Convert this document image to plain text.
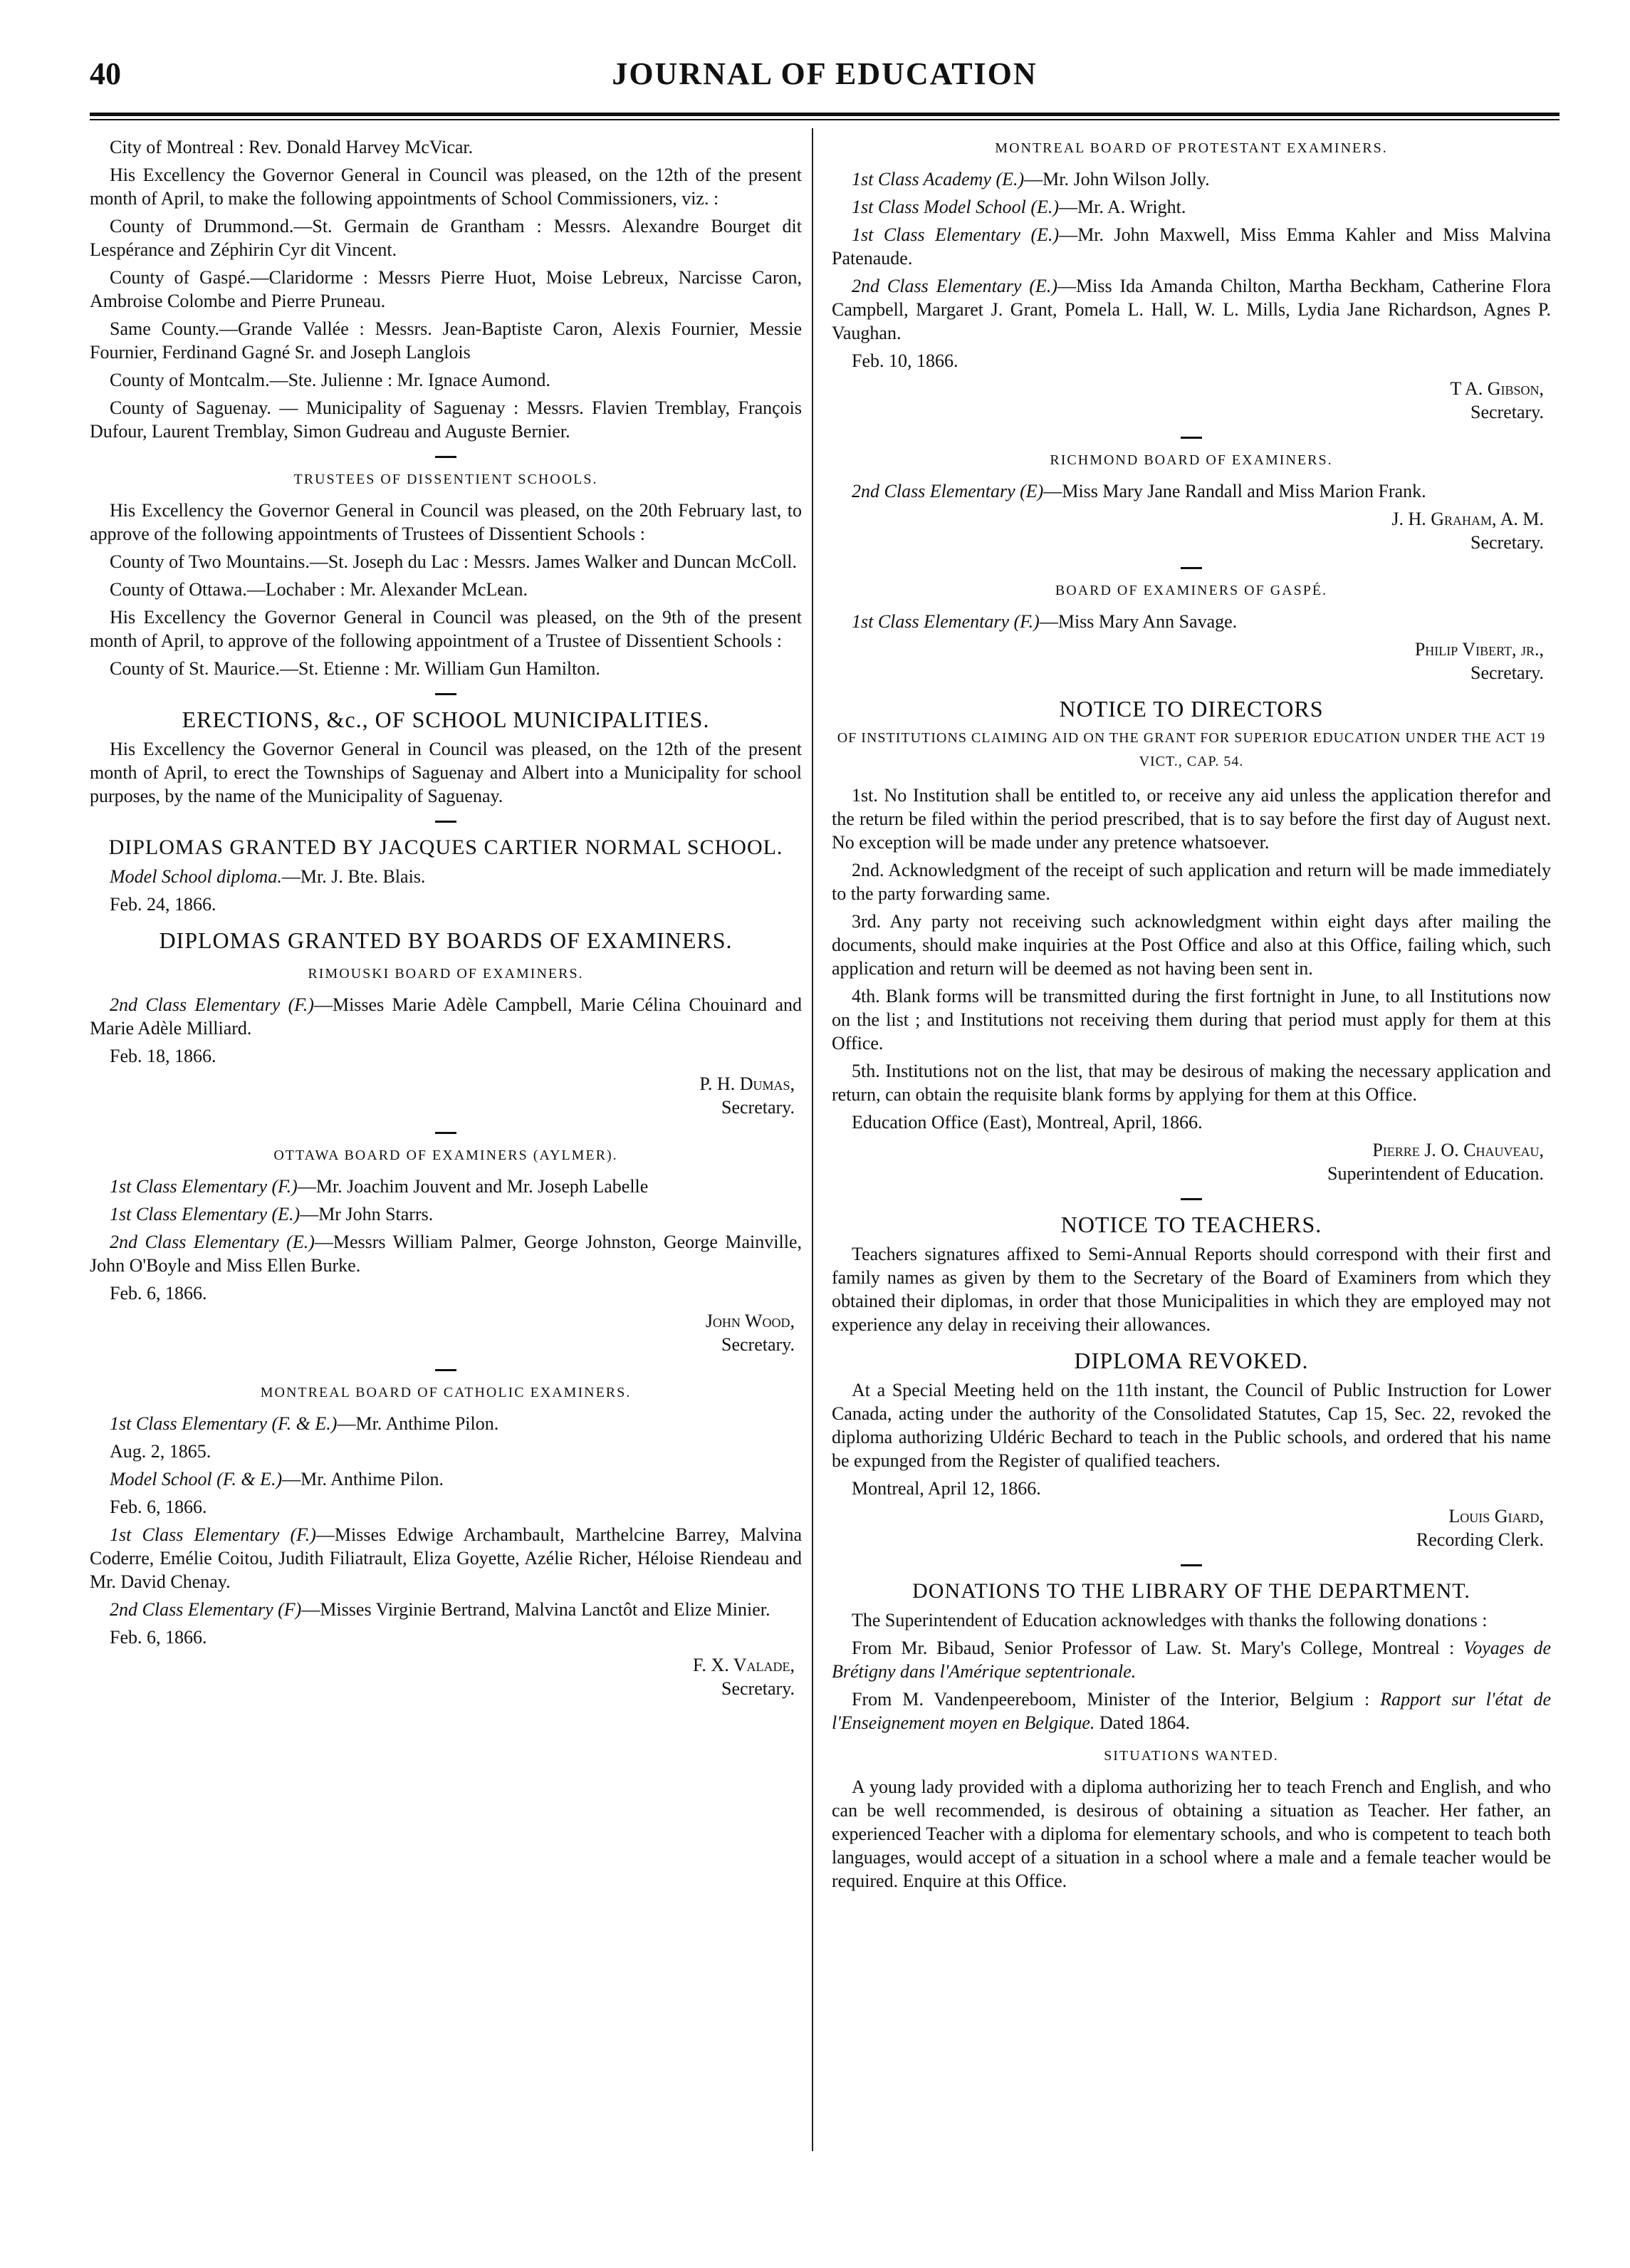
40	JOURNAL OF EDUCATION

City of Montreal : Rev. Donald Harvey McVicar.

His Excellency the Governor General in Council was pleased, on the 12th of the present month of April, to make the following appointments of School Commissioners, viz. :

County of Drummond.—St. Germain de Grantham : Messrs. Alexandre Bourget dit Lespérance and Zéphirin Cyr dit Vincent.

County of Gaspé.—Claridorme : Messrs Pierre Huot, Moise Lebreux, Narcisse Caron, Ambroise Colombe and Pierre Pruneau.

Same County.—Grande Vallée : Messrs. Jean-Baptiste Caron, Alexis Fournier, Messie Fournier, Ferdinand Gagné Sr. and Joseph Langlois

County of Montcalm.—Ste. Julienne : Mr. Ignace Aumond.

County of Saguenay. — Municipality of Saguenay : Messrs. Flavien Tremblay, François Dufour, Laurent Tremblay, Simon Gudreau and Auguste Bernier.

TRUSTEES OF DISSENTIENT SCHOOLS.

His Excellency the Governor General in Council was pleased, on the 20th February last, to approve of the following appointments of Trustees of Dissentient Schools :

County of Two Mountains.—St. Joseph du Lac : Messrs. James Walker and Duncan McColl.

County of Ottawa.—Lochaber : Mr. Alexander McLean.

His Excellency the Governor General in Council was pleased, on the 9th of the present month of April, to approve of the following appointment of a Trustee of Dissentient Schools :

County of St. Maurice.—St. Etienne : Mr. William Gun Hamilton.

ERECTIONS, &c., OF SCHOOL MUNICIPALITIES.

His Excellency the Governor General in Council was pleased, on the 12th of the present month of April, to erect the Townships of Saguenay and Albert into a Municipality for school purposes, by the name of the Municipality of Saguenay.

DIPLOMAS GRANTED BY JACQUES CARTIER NORMAL SCHOOL.

Model School diploma.—Mr. J. Bte. Blais.

Feb. 24, 1866.

DIPLOMAS GRANTED BY BOARDS OF EXAMINERS.
RIMOUSKI BOARD OF EXAMINERS.

2nd Class Elementary (F.)—Misses Marie Adèle Campbell, Marie Célina Chouinard and Marie Adèle Milliard.

Feb. 18, 1866.

P. H. Dumas,
Secretary.
OTTAWA BOARD OF EXAMINERS (AYLMER).

1st Class Elementary (F.)—Mr. Joachim Jouvent and Mr. Joseph Labelle

1st Class Elementary (E.)—Mr John Starrs.

2nd Class Elementary (E.)—Messrs William Palmer, George Johnston, George Mainville, John O'Boyle and Miss Ellen Burke.

Feb. 6, 1866.

John Wood,
Secretary.
MONTREAL BOARD OF CATHOLIC EXAMINERS.

1st Class Elementary (F. & E.)—Mr. Anthime Pilon.

Aug. 2, 1865.

Model School (F. & E.)—Mr. Anthime Pilon.

Feb. 6, 1866.

1st Class Elementary (F.)—Misses Edwige Archambault, Marthelcine Barrey, Malvina Coderre, Emélie Coitou, Judith Filiatrault, Eliza Goyette, Azélie Richer, Héloise Riendeau and Mr. David Chenay.

2nd Class Elementary (F)—Misses Virginie Bertrand, Malvina Lanctôt and Elize Minier.

Feb. 6, 1866.

F. X. Valade,
Secretary.
MONTREAL BOARD OF PROTESTANT EXAMINERS.

1st Class Academy (E.)—Mr. John Wilson Jolly.

1st Class Model School (E.)—Mr. A. Wright.

1st Class Elementary (E.)—Mr. John Maxwell, Miss Emma Kahler and Miss Malvina Patenaude.

2nd Class Elementary (E.)—Miss Ida Amanda Chilton, Martha Beckham, Catherine Flora Campbell, Margaret J. Grant, Pomela L. Hall, W. L. Mills, Lydia Jane Richardson, Agnes P. Vaughan.

Feb. 10, 1866.

T A. Gibson,
Secretary.
RICHMOND BOARD OF EXAMINERS.

2nd Class Elementary (E)—Miss Mary Jane Randall and Miss Marion Frank.

J. H. Graham, A. M.
Secretary.
BOARD OF EXAMINERS OF GASPÉ.

1st Class Elementary (F.)—Miss Mary Ann Savage.

Philip Vibert, jr.,
Secretary.
NOTICE TO DIRECTORS
OF INSTITUTIONS CLAIMING AID ON THE GRANT FOR SUPERIOR EDUCATION UNDER THE ACT 19 VICT., CAP. 54.

1st. No Institution shall be entitled to, or receive any aid unless the application therefor and the return be filed within the period prescribed, that is to say before the first day of August next. No exception will be made under any pretence whatsoever.

2nd. Acknowledgment of the receipt of such application and return will be made immediately to the party forwarding same.

3rd. Any party not receiving such acknowledgment within eight days after mailing the documents, should make inquiries at the Post Office and also at this Office, failing which, such application and return will be deemed as not having been sent in.

4th. Blank forms will be transmitted during the first fortnight in June, to all Institutions now on the list ; and Institutions not receiving them during that period must apply for them at this Office.

5th. Institutions not on the list, that may be desirous of making the necessary application and return, can obtain the requisite blank forms by applying for them at this Office.

Education Office (East), Montreal, April, 1866.

Pierre J. O. Chauveau,
Superintendent of Education.
NOTICE TO TEACHERS.

Teachers signatures affixed to Semi-Annual Reports should correspond with their first and family names as given by them to the Secretary of the Board of Examiners from which they obtained their diplomas, in order that those Municipalities in which they are employed may not experience any delay in receiving their allowances.

DIPLOMA REVOKED.

At a Special Meeting held on the 11th instant, the Council of Public Instruction for Lower Canada, acting under the authority of the Consolidated Statutes, Cap 15, Sec. 22, revoked the diploma authorizing Uldéric Bechard to teach in the Public schools, and ordered that his name be expunged from the Register of qualified teachers.

Montreal, April 12, 1866.

Louis Giard,
Recording Clerk.
DONATIONS TO THE LIBRARY OF THE DEPARTMENT.

The Superintendent of Education acknowledges with thanks the following donations :

From Mr. Bibaud, Senior Professor of Law. St. Mary's College, Montreal : Voyages de Brétigny dans l'Amérique septentrionale.

From M. Vandenpeereboom, Minister of the Interior, Belgium : Rapport sur l'état de l'Enseignement moyen en Belgique. Dated 1864.

SITUATIONS WANTED.

A young lady provided with a diploma authorizing her to teach French and English, and who can be well recommended, is desirous of obtaining a situation as Teacher. Her father, an experienced Teacher with a diploma for elementary schools, and who is competent to teach both languages, would accept of a situation in a school where a male and a female teacher would be required. Enquire at this Office.
